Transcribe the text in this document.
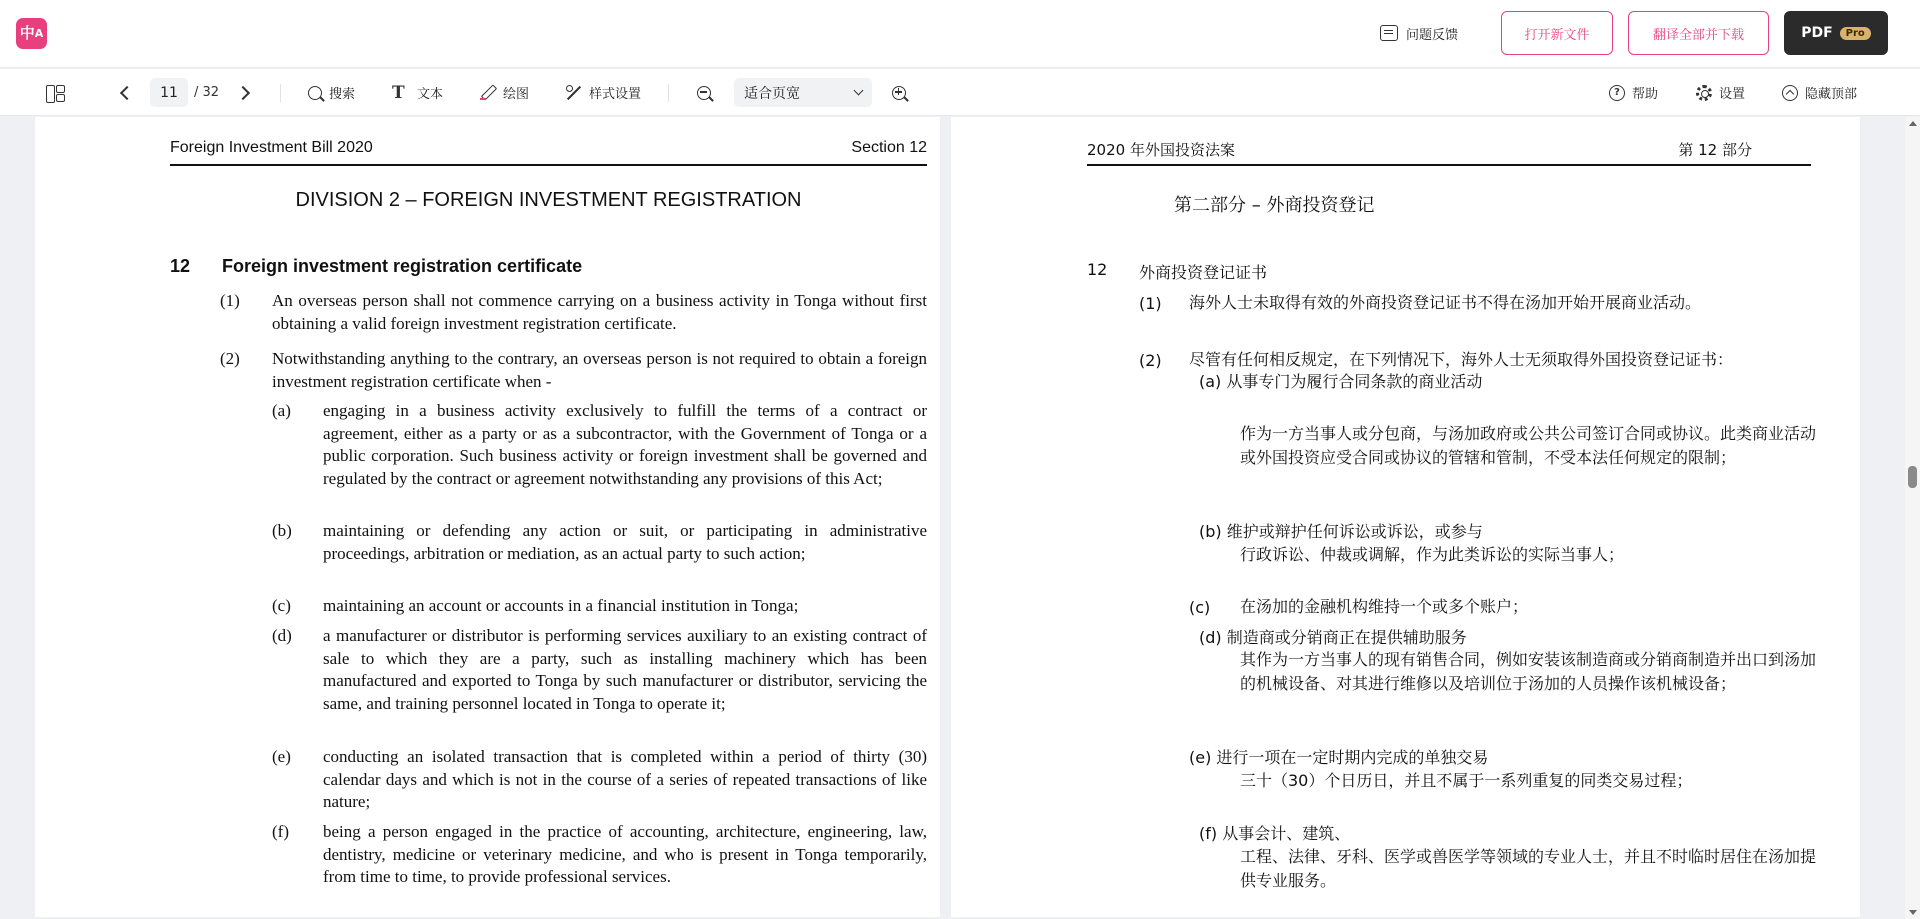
中 A	问题反馈	打开新文件	翻译全部并下载	PDF	Pro
11
/ 32	搜索 T 文本	绘图	样式设置	适合页宽	? 帮助	设置	隐藏顶部
Foreign Investment Bill 2020	Section 12
DIVISION 2 – FOREIGN INVESTMENT REGISTRATION
12 Foreign investment registration certificate
(1) An overseas person shall not commence carrying on a business activity in Tonga without first obtaining a valid foreign investment registration certificate.
(2) Notwithstanding anything to the contrary, an overseas person is not required to obtain a foreign investment registration certificate when -
(a) engaging in a business activity exclusively to fulfill the terms of a contract or agreement, either as a party or as a subcontractor, with the Government of Tonga or a public corporation. Such business activity or foreign investment shall be governed and regulated by the contract or agreement notwithstanding any provisions of this Act;
(b) maintaining or defending any action or suit, or participating in administrative proceedings, arbitration or mediation, as an actual party to such action;
(c) maintaining an account or accounts in a financial institution in Tonga;
(d) a manufacturer or distributor is performing services auxiliary to an existing contract of sale to which they are a party, such as installing machinery which has been manufactured and exported to Tonga by such manufacturer or distributor, servicing the same, and training personnel located in Tonga to operate it;
(e) conducting an isolated transaction that is completed within a period of thirty (30) calendar days and which is not in the course of a series of repeated transactions of like nature;
(f) being a person engaged in the practice of accounting, architecture, engineering, law, dentistry, medicine or veterinary medicine, and who is present in Tonga temporarily, from time to time, to provide professional services.
2020 年外国投资法案	第 12 部分
第二部分 – 外商投资登记
12 外商投资登记证书
(1) 海外人士未取得有效的外商投资登记证书不得在汤加开始开展商业活动。
(2) 尽管有任何相反规定，在下列情况下，海外人士无须取得外国投资登记证书：
(a) 从事专门为履行合同条款的商业活动
作为一方当事人或分包商，与汤加政府或公共公司签订合同或协议。此类商业活动或外国投资应受合同或协议的管辖和管制，不受本法任何规定的限制；
(b) 维护或辩护任何诉讼或诉讼，或参与
行政诉讼、仲裁或调解，作为此类诉讼的实际当事人；
(c) 在汤加的金融机构维持一个或多个账户；
(d) 制造商或分销商正在提供辅助服务
其作为一方当事人的现有销售合同，例如安装该制造商或分销商制造并出口到汤加的机械设备、对其进行维修以及培训位于汤加的人员操作该机械设备；
(e) 进行一项在一定时期内完成的单独交易
三十（30）个日历日，并且不属于一系列重复的同类交易过程；
(f) 从事会计、建筑、
工程、法律、牙科、医学或兽医学等领域的专业人士，并且不时临时居住在汤加提供专业服务。
